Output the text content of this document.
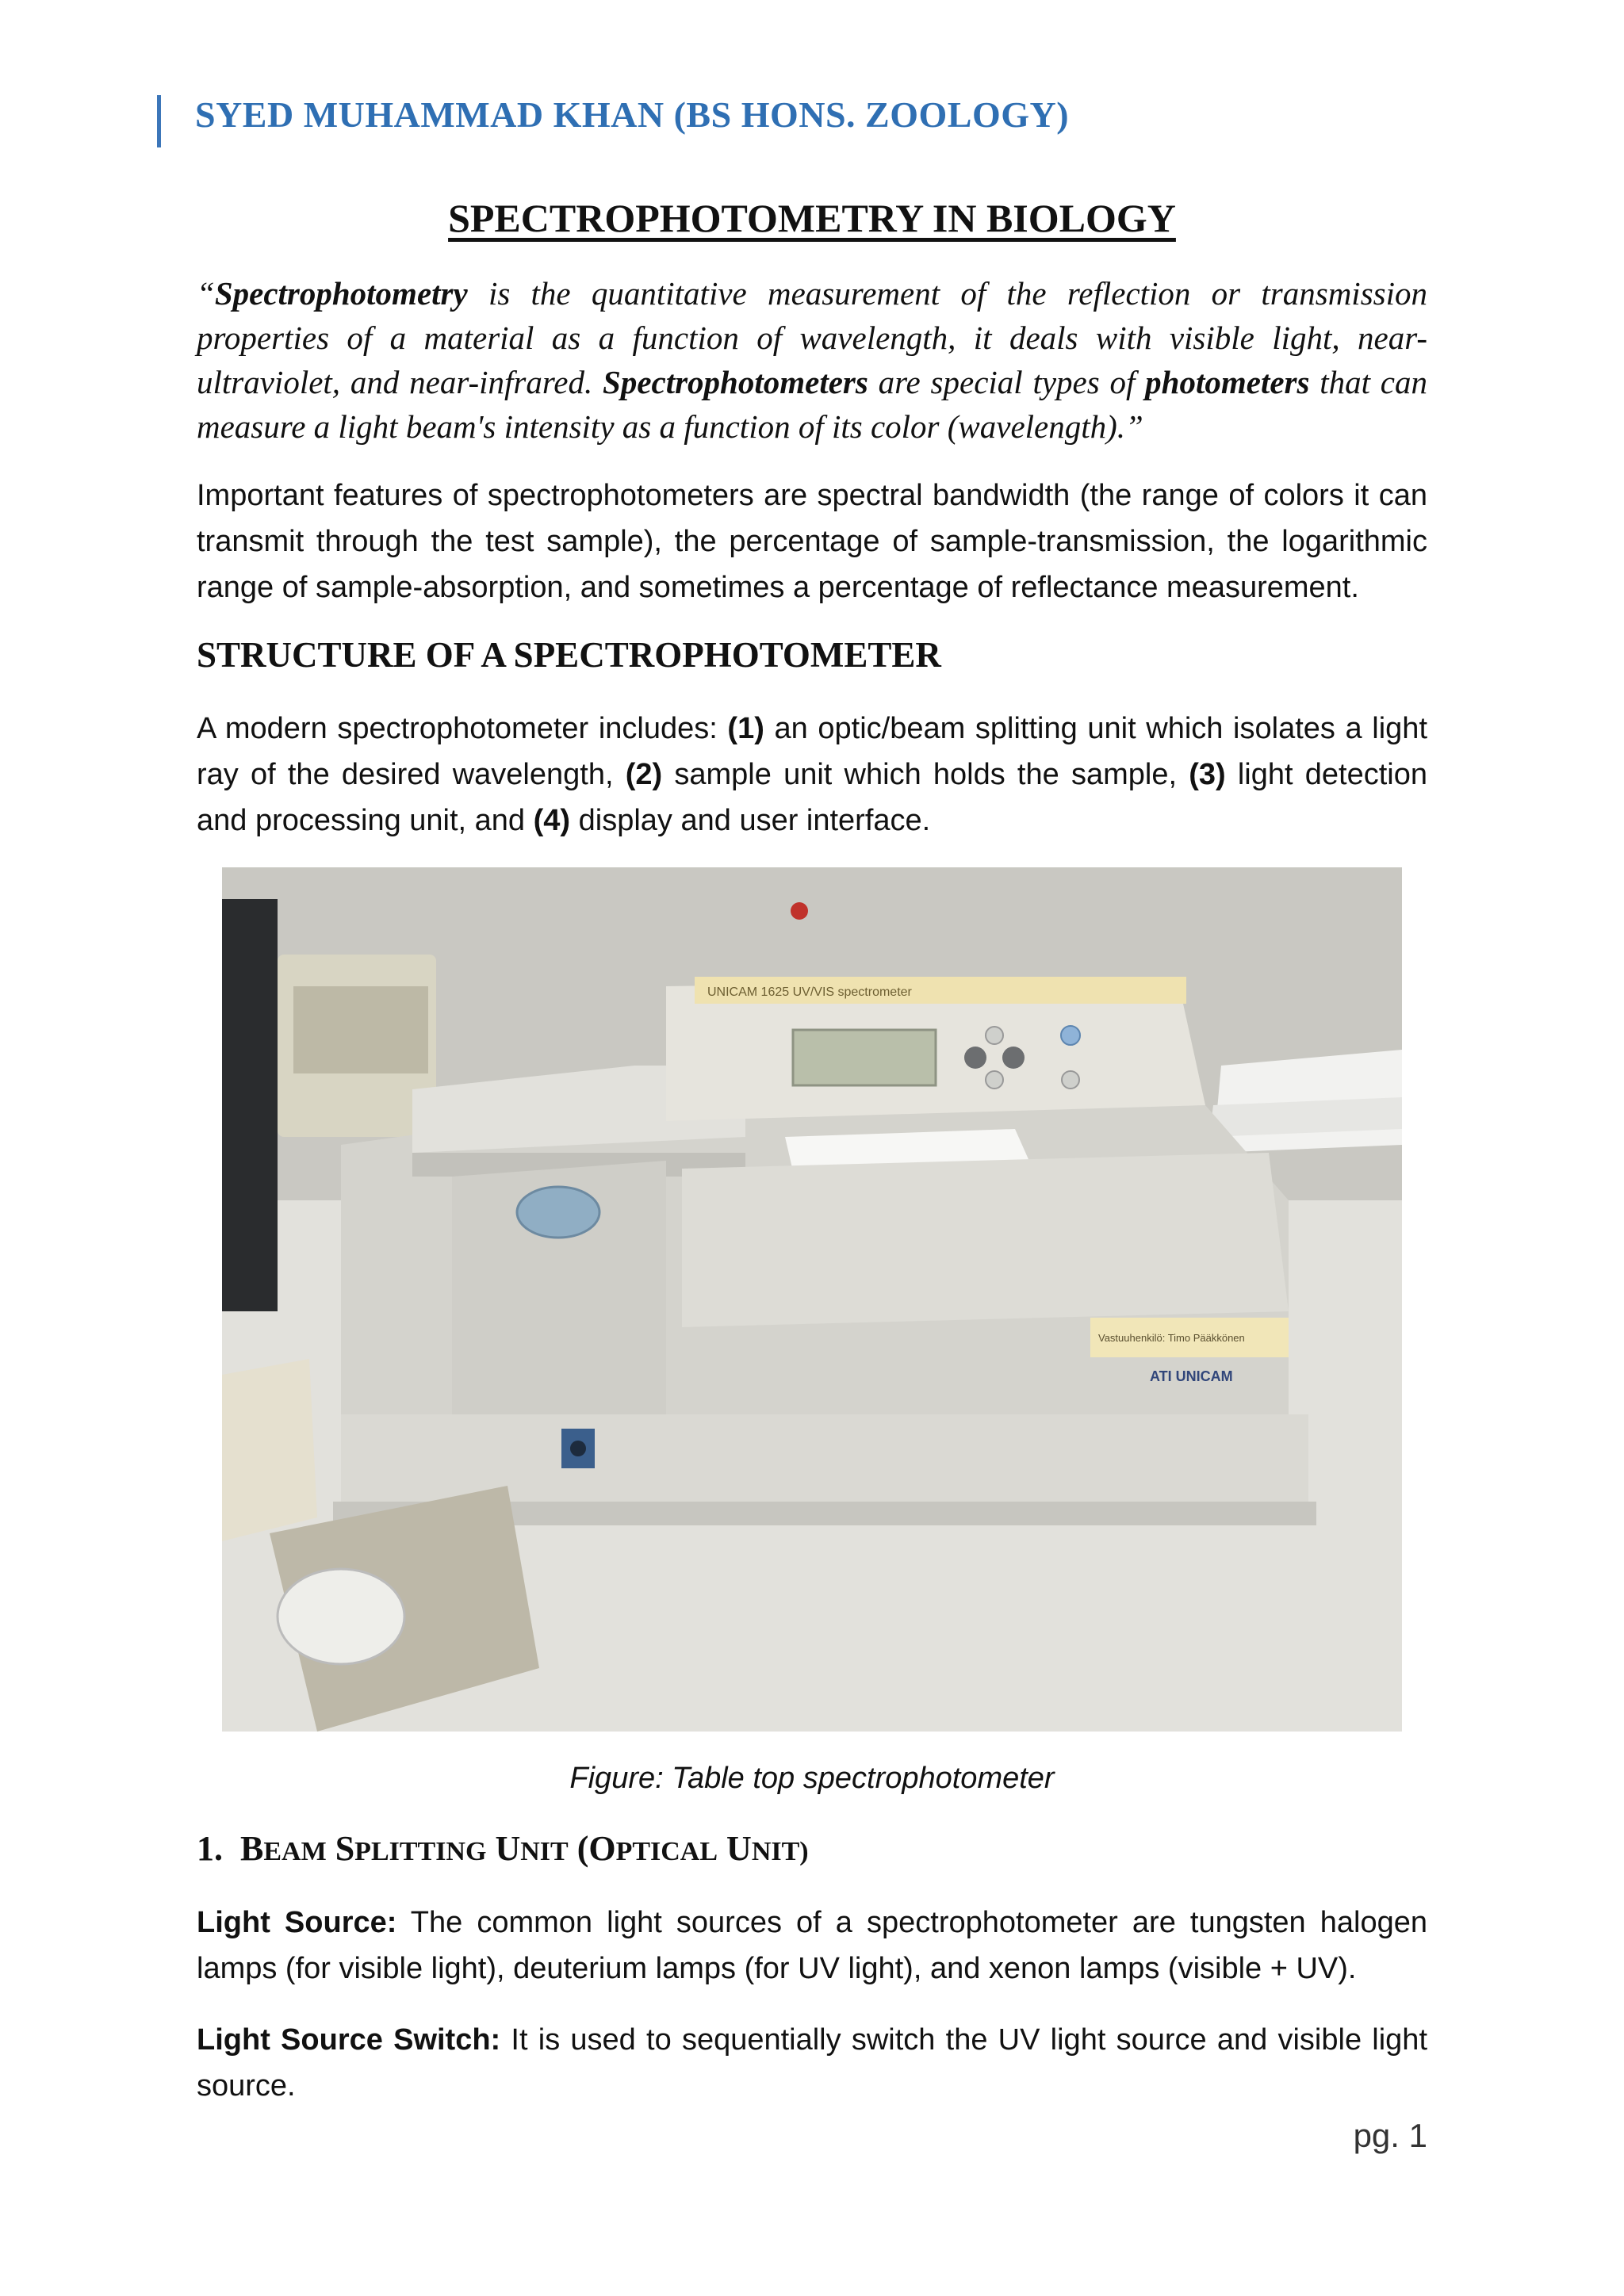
SYED MUHAMMAD KHAN (BS HONS. ZOOLOGY)
SPECTROPHOTOMETRY IN BIOLOGY
“Spectrophotometry is the quantitative measurement of the reflection or transmission properties of a material as a function of wavelength, it deals with visible light, near-ultraviolet, and near-infrared. Spectrophotometers are special types of photometers that can measure a light beam's intensity as a function of its color (wavelength).”
Important features of spectrophotometers are spectral bandwidth (the range of colors it can transmit through the test sample), the percentage of sample-transmission, the logarithmic range of sample-absorption, and sometimes a percentage of reflectance measurement.
STRUCTURE OF A SPECTROPHOTOMETER
A modern spectrophotometer includes: (1) an optic/beam splitting unit which isolates a light ray of the desired wavelength, (2) sample unit which holds the sample, (3) light detection and processing unit, and (4) display and user interface.
UNICAM 1625 UV/VIS spectrometer
Vastuuhenkilö: Timo Pääkkönen
ATI UNICAM
Figure: Table top spectrophotometer
1. BEAM SPLITTING UNIT (OPTICAL UNIT)
Light Source: The common light sources of a spectrophotometer are tungsten halogen lamps (for visible light), deuterium lamps (for UV light), and xenon lamps (visible + UV).
Light Source Switch: It is used to sequentially switch the UV light source and visible light source.
pg. 1
